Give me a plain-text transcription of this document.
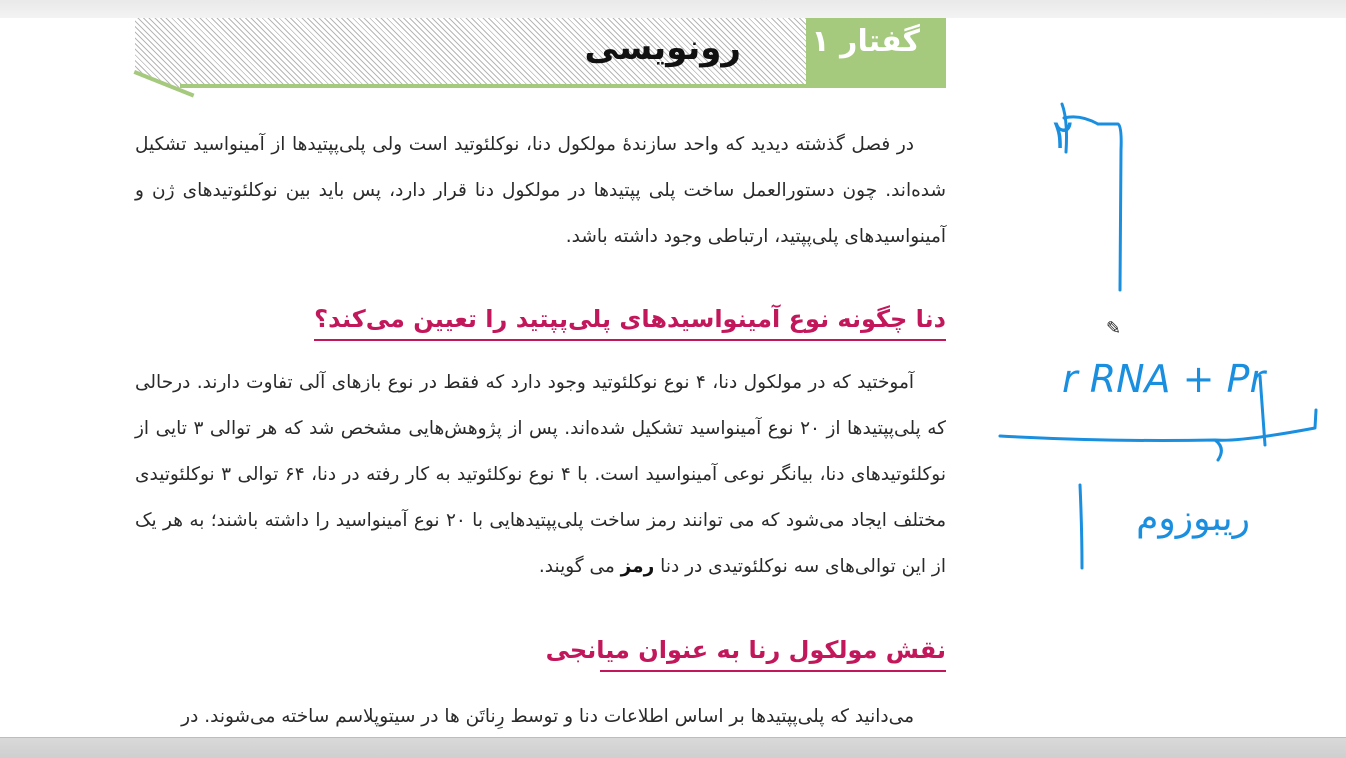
گفتار ۱
رونویسی

در فصل گذشته دیدید که واحد سازندهٔ مولکول دنا، نوکلئوتید است ولی پلی‌پپتیدها از آمینواسید تشکیل شده‌اند. چون دستورالعمل ساخت پلی پپتیدها در مولکول دنا قرار دارد، پس باید بین نوکلئوتیدهای ژن و آمینواسیدهای پلی‌پپتید، ارتباطی وجود داشته باشد.

دنا چگونه نوع آمینواسیدهای پلی‌پپتید را تعیین می‌کند؟

آموختید که در مولکول دنا، ۴ نوع نوکلئوتید وجود دارد که فقط در نوع بازهای آلی تفاوت دارند. درحالی که پلی‌پپتیدها از ۲۰ نوع آمینواسید تشکیل شده‌اند. پس از پژوهش‌هایی مشخص شد که هر توالی ۳ تایی از نوکلئوتیدهای دنا، بیانگر نوعی آمینواسید است. با ۴ نوع نوکلئوتید به کار رفته در دنا، ۶۴ توالی ۳ نوکلئوتیدی مختلف ایجاد می‌شود که می توانند رمز ساخت پلی‌پپتیدهایی با ۲۰ نوع آمینواسید را داشته باشند؛ به هر یک از این توالی‌های سه نوکلئوتیدی در دنا رمز می گویند.

نقش مولکول رنا به عنوان میانجی

می‌دانید که پلی‌پپتیدها بر اساس اطلاعات دنا و توسط رِناتَن ها در سیتوپلاسم ساخته می‌شوند. در

r RNA + Pr
ریبوزوم
۲
✎
